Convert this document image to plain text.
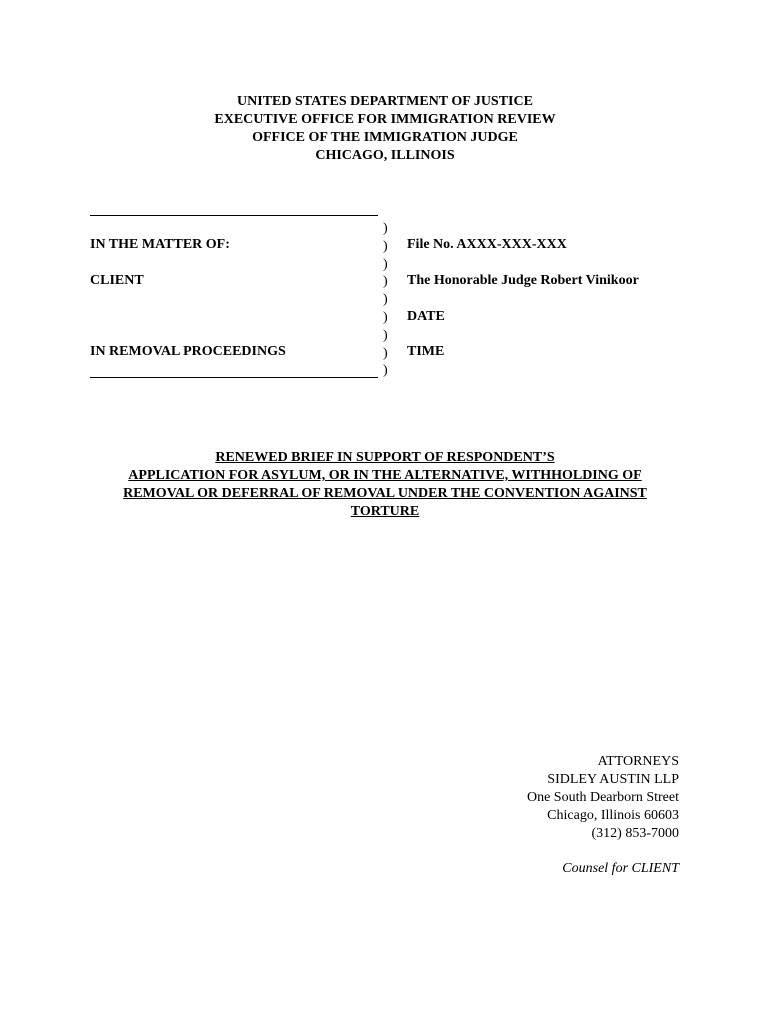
UNITED STATES DEPARTMENT OF JUSTICE
EXECUTIVE OFFICE FOR IMMIGRATION REVIEW
OFFICE OF THE IMMIGRATION JUDGE
CHICAGO, ILLINOIS
)
)
)
)
)
)
)
)
)
IN THE MATTER OF:
CLIENT
IN REMOVAL PROCEEDINGS
File No. AXXX-XXX-XXX
The Honorable Judge Robert Vinikoor
DATE
TIME
RENEWED BRIEF IN SUPPORT OF RESPONDENT’S
APPLICATION FOR ASYLUM, OR IN THE ALTERNATIVE, WITHHOLDING OF
REMOVAL OR DEFERRAL OF REMOVAL UNDER THE CONVENTION AGAINST
TORTURE
ATTORNEYS
SIDLEY AUSTIN LLP
One South Dearborn Street
Chicago, Illinois 60603
(312) 853-7000
Counsel for CLIENT
